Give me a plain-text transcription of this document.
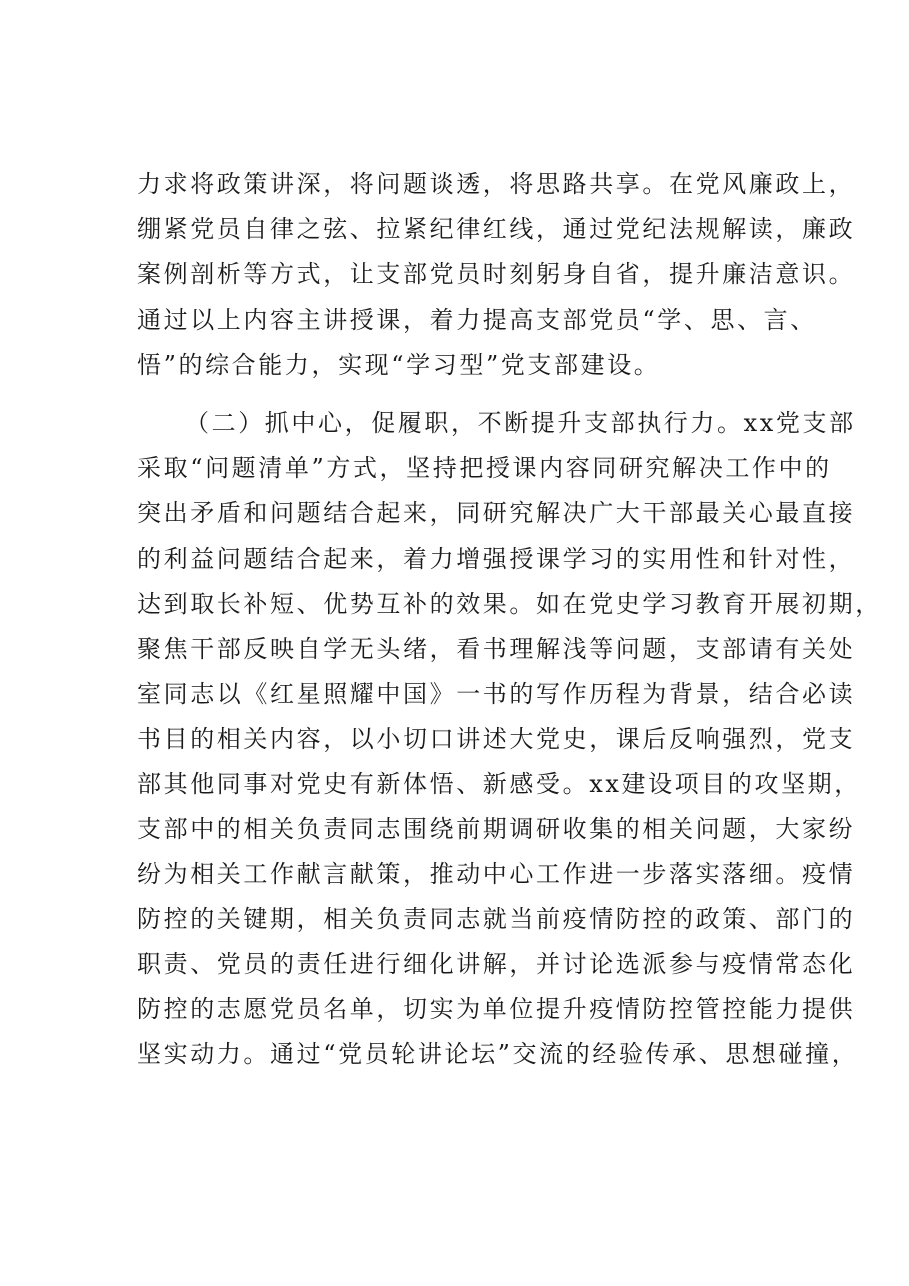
力求将政策讲深，将问题谈透，将思路共享。在党风廉政上，
绷紧党员自律之弦、拉紧纪律红线，通过党纪法规解读，廉政
案例剖析等方式，让支部党员时刻躬身自省，提升廉洁意识。
通过以上内容主讲授课，着力提高支部党员“学、思、言、
悟”的综合能力，实现“学习型”党支部建设。
（二）抓中心，促履职，不断提升支部执行力。xx党支部
采取“问题清单”方式，坚持把授课内容同研究解决工作中的
突出矛盾和问题结合起来，同研究解决广大干部最关心最直接
的利益问题结合起来，着力增强授课学习的实用性和针对性，
达到取长补短、优势互补的效果。如在党史学习教育开展初期，
聚焦干部反映自学无头绪，看书理解浅等问题，支部请有关处
室同志以《红星照耀中国》一书的写作历程为背景，结合必读
书目的相关内容，以小切口讲述大党史，课后反响强烈，党支
部其他同事对党史有新体悟、新感受。xx建设项目的攻坚期，
支部中的相关负责同志围绕前期调研收集的相关问题，大家纷
纷为相关工作献言献策，推动中心工作进一步落实落细。疫情
防控的关键期，相关负责同志就当前疫情防控的政策、部门的
职责、党员的责任进行细化讲解，并讨论选派参与疫情常态化
防控的志愿党员名单，切实为单位提升疫情防控管控能力提供
坚实动力。通过“党员轮讲论坛”交流的经验传承、思想碰撞，
